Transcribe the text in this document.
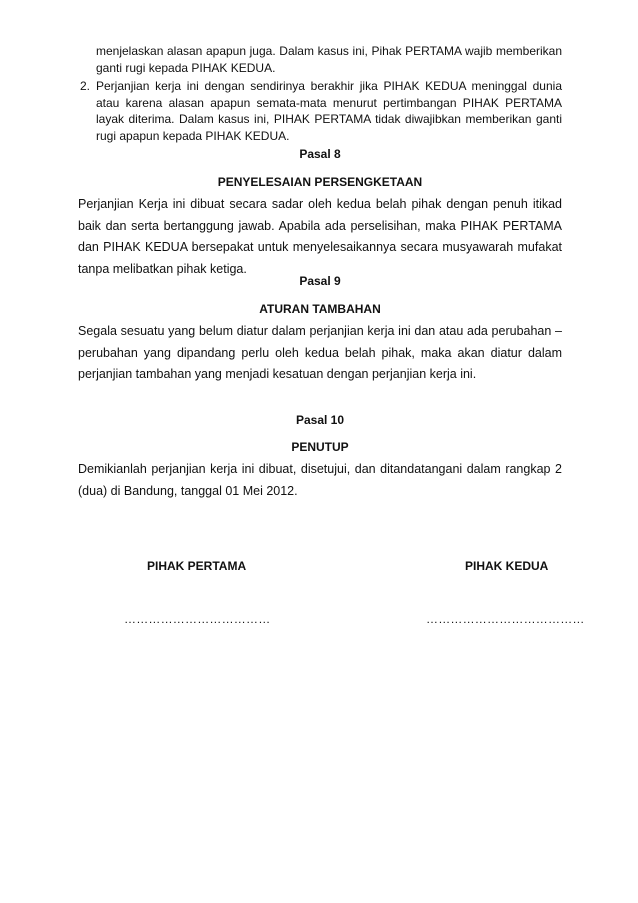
menjelaskan alasan apapun juga. Dalam kasus ini, Pihak PERTAMA wajib memberikan ganti rugi kepada PIHAK KEDUA.
2. Perjanjian kerja ini dengan sendirinya berakhir jika PIHAK KEDUA meninggal dunia atau karena alasan apapun semata-mata menurut pertimbangan PIHAK PERTAMA layak diterima. Dalam kasus ini, PIHAK PERTAMA tidak diwajibkan memberikan ganti rugi apapun kepada PIHAK KEDUA.
Pasal 8
PENYELESAIAN PERSENGKETAAN
Perjanjian Kerja ini dibuat secara sadar oleh kedua belah pihak dengan penuh itikad baik dan serta bertanggung jawab. Apabila ada perselisihan, maka PIHAK PERTAMA dan PIHAK KEDUA bersepakat untuk menyelesaikannya secara musyawarah mufakat tanpa melibatkan pihak ketiga.
Pasal 9
ATURAN TAMBAHAN
Segala sesuatu yang belum diatur dalam perjanjian kerja ini dan atau ada perubahan – perubahan yang dipandang perlu oleh kedua belah pihak, maka akan diatur dalam perjanjian tambahan yang menjadi kesatuan dengan perjanjian kerja ini.
Pasal 10
PENUTUP
Demikianlah perjanjian kerja ini dibuat, disetujui, dan ditandatangani dalam rangkap 2 (dua) di Bandung, tanggal 01 Mei 2012.
PIHAK PERTAMA	PIHAK KEDUA
………………………………	…………………………………
